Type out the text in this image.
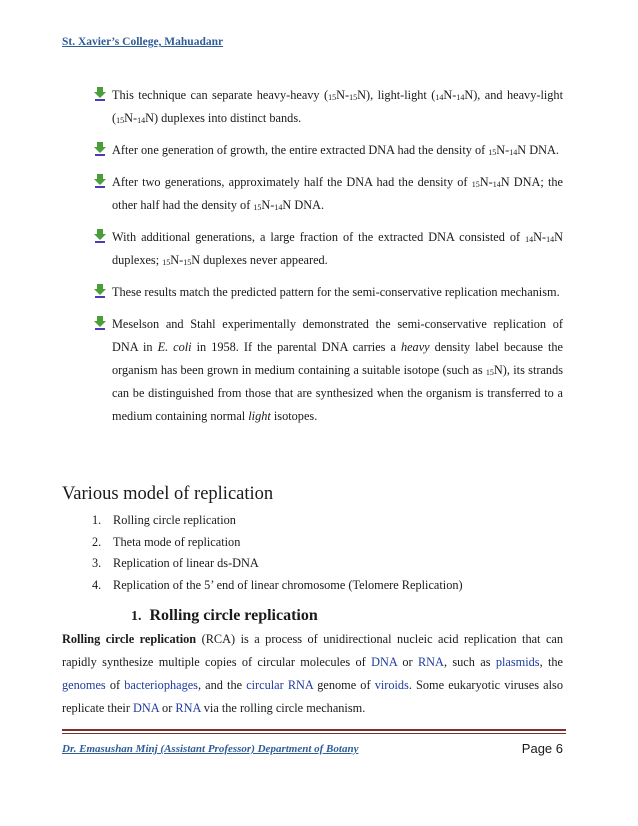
St. Xavier’s College, Mahuadanr

This technique can separate heavy-heavy $(_{15}N-_{15}N)$, light-light $(_{14}N-_{14}N)$, and heavy-light $(_{15}N-_{14}N)$ duplexes into distinct bands.

After one generation of growth, the entire extracted DNA had the density of $_{15}N-_{14}N$ DNA.

After two generations, approximately half the DNA had the density of $_{15}N-_{14}N$ DNA; the other half had the density of $_{15}N-_{14}N$ DNA.

With additional generations, a large fraction of the extracted DNA consisted of $_{14}N-_{14}N$ duplexes; $_{15}N-_{15}N$ duplexes never appeared.

These results match the predicted pattern for the semi-conservative replication mechanism.

Meselson and Stahl experimentally demonstrated the semi-conservative replication of DNA in E. coli in 1958. If the parental DNA carries a heavy density label because the organism has been grown in medium containing a suitable isotope (such as $_{15}$N), its strands can be distinguished from those that are synthesized when the organism is transferred to a medium containing normal light isotopes.

Various model of replication
1. Rolling circle replication
2. Theta mode of replication
3. Replication of linear ds-DNA
4. Replication of the 5’ end of linear chromosome (Telomere Replication)
1. Rolling circle replication

Rolling circle replication (RCA) is a process of unidirectional nucleic acid replication that can rapidly synthesize multiple copies of circular molecules of DNA or RNA, such as plasmids, the genomes of bacteriophages, and the circular RNA genome of viroids. Some eukaryotic viruses also replicate their DNA or RNA via the rolling circle mechanism.

Dr. Emasushan Minj (Assistant Professor) Department of Botany	Page 6
